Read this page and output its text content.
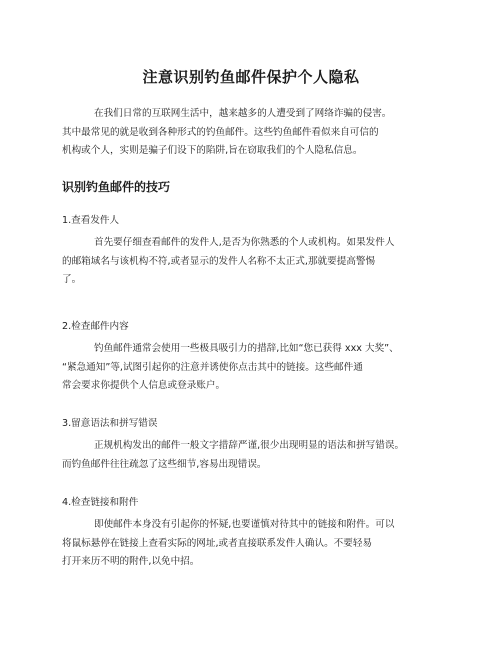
注意识别钓鱼邮件保护个人隐私
在我们日常的互联网生活中，越来越多的人遭受到了网络诈骗的侵害。
其中最常见的就是收到各种形式的钓鱼邮件。这些钓鱼邮件看似来自可信的
机构或个人，实则是骗子们设下的陷阱,旨在窃取我们的个人隐私信息。
识别钓鱼邮件的技巧
1.查看发件人
首先要仔细查看邮件的发件人,是否为你熟悉的个人或机构。如果发件人
的邮箱域名与该机构不符,或者显示的发件人名称不太正式,那就要提高警惕
了。
2.检查邮件内容
钓鱼邮件通常会使用一些极具吸引力的措辞,比如“您已获得 xxx 大奖”、
“紧急通知”等,试图引起你的注意并诱使你点击其中的链接。这些邮件通
常会要求你提供个人信息或登录账户。
3.留意语法和拼写错误
正规机构发出的邮件一般文字措辞严谨,很少出现明显的语法和拼写错误。
而钓鱼邮件往往疏忽了这些细节,容易出现错误。
4.检查链接和附件
即使邮件本身没有引起你的怀疑,也要谨慎对待其中的链接和附件。可以
将鼠标悬停在链接上查看实际的网址,或者直接联系发件人确认。不要轻易
打开来历不明的附件,以免中招。
